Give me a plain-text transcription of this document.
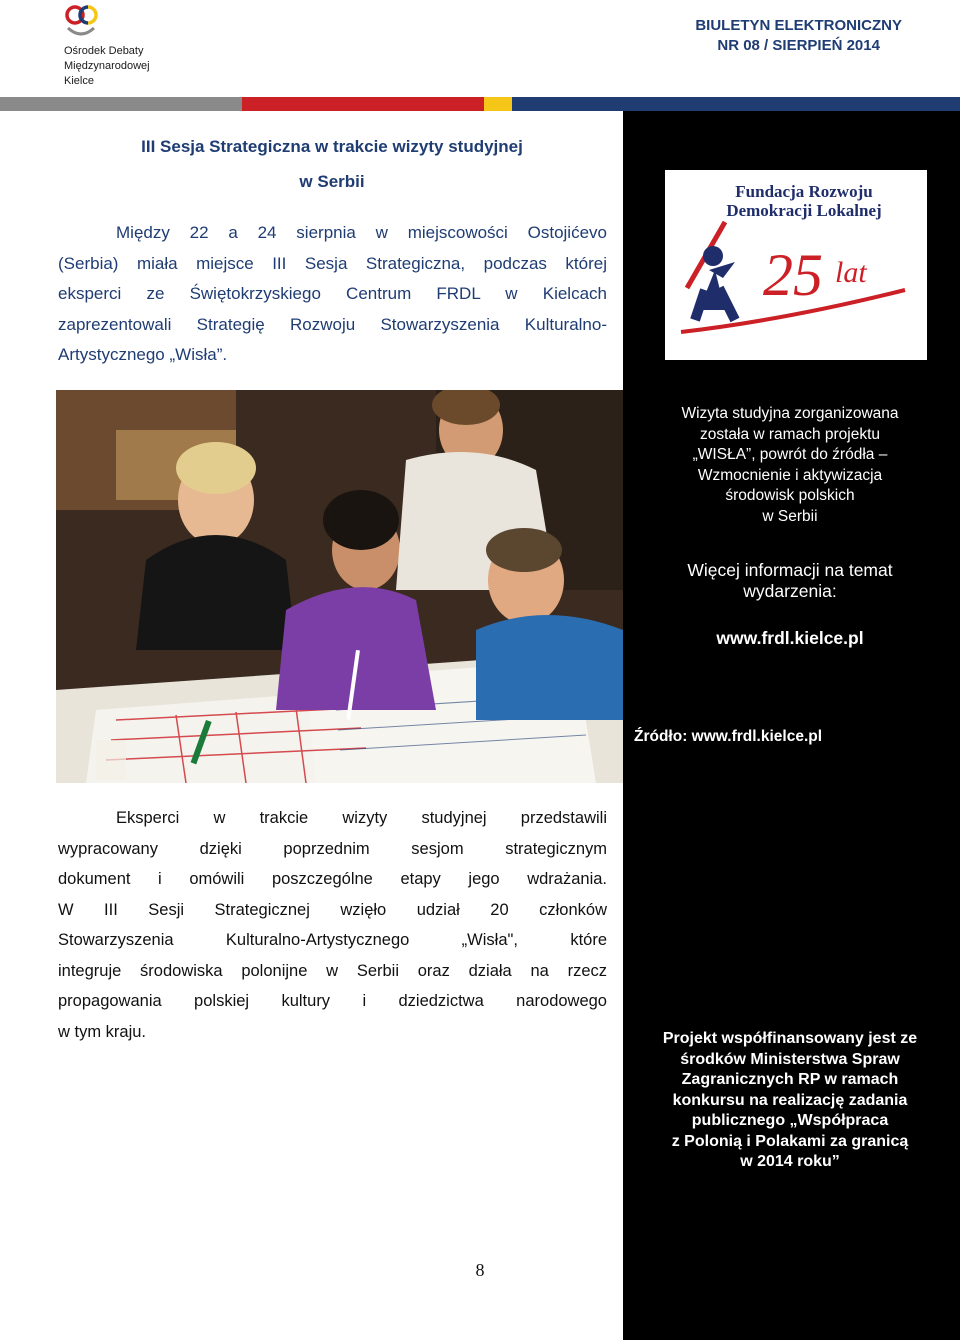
Ośrodek Debaty
Międzynarodowej
Kielce
BIULETYN ELEKTRONICZNY
NR 08 / SIERPIEŃ 2014
Fundacja Rozwoju
Demokracji Lokalnej
25 lat
Wizyta studyjna zorganizowana
została w ramach projektu
„WISŁA”, powrót do źródła –
Wzmocnienie i aktywizacja
środowisk polskich
w Serbii
Więcej informacji na temat
wydarzenia:
www.frdl.kielce.pl
Źródło: www.frdl.kielce.pl
Projekt współfinansowany jest ze
środków Ministerstwa Spraw
Zagranicznych RP w ramach
konkursu na realizację zadania
publicznego „Współpraca
z Polonią i Polakami za granicą
w 2014 roku”
III Sesja Strategiczna w trakcie wizyty studyjnej
w Serbii
Między 22 a 24 sierpnia w miejscowości Ostojićevo
(Serbia) miała miejsce III Sesja Strategiczna, podczas której
eksperci ze Świętokrzyskiego Centrum FRDL w Kielcach
zaprezentowali Strategię Rozwoju Stowarzyszenia Kulturalno-
Artystycznego „Wisła”.
Eksperci w trakcie wizyty studyjnej przedstawili
wypracowany dzięki poprzednim sesjom strategicznym
dokument i omówili poszczególne etapy jego wdrażania.
W III Sesji Strategicznej wzięło udział 20 członków
Stowarzyszenia Kulturalno-Artystycznego „Wisła", które
integruje środowiska polonijne w Serbii oraz działa na rzecz
propagowania polskiej kultury i dziedzictwa narodowego
w tym kraju.
8
